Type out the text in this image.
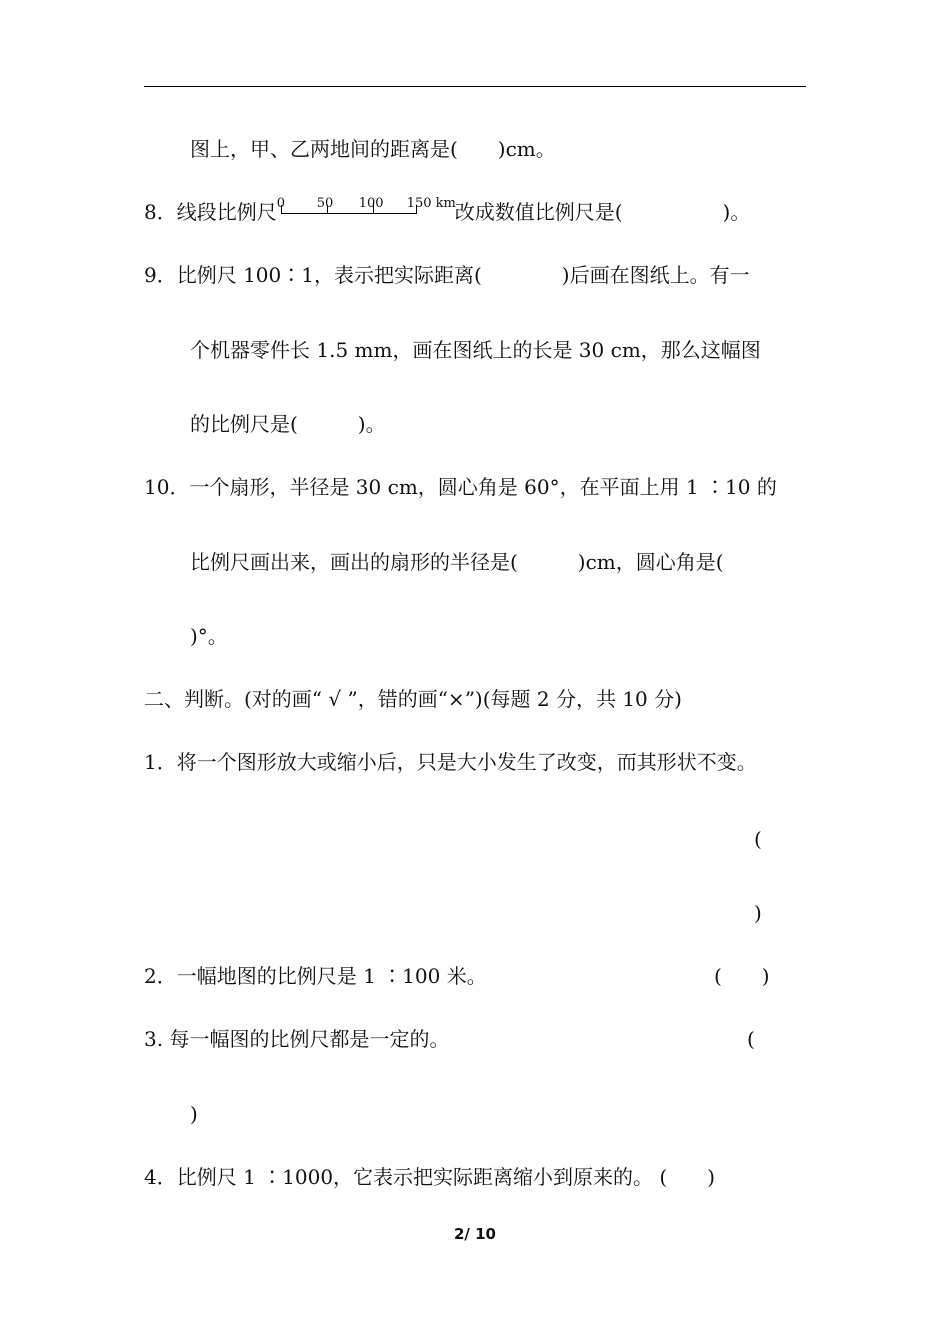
图上，甲、乙两地间的距离是(　　)cm。
8．线段比例尺 0 50 100 150 km
改成数值比例尺是(　　　　　)。
9．比例尺 100∶1，表示把实际距离(　　　　)后画在图纸上。有一
个机器零件长 1.5 mm，画在图纸上的长是 30 cm，那么这幅图
的比例尺是(　　　)。
10．一个扇形，半径是 30 cm，圆心角是 60°，在平面上用 1 ∶10 的
比例尺画出来，画出的扇形的半径是(　　　)cm，圆心角是(
)°。
二、判断。(对的画“ √ ”，错的画“×”)(每题 2 分，共 10 分)
1．将一个图形放大或缩小后，只是大小发生了改变，而其形状不变。
(
)
2．一幅地图的比例尺是 1 ∶100 米。	(　　)
3. 每一幅图的比例尺都是一定的。	(
)
4．比例尺 1 ∶1000，它表示把实际距离缩小到原来的。 (　　)
2/ 10
